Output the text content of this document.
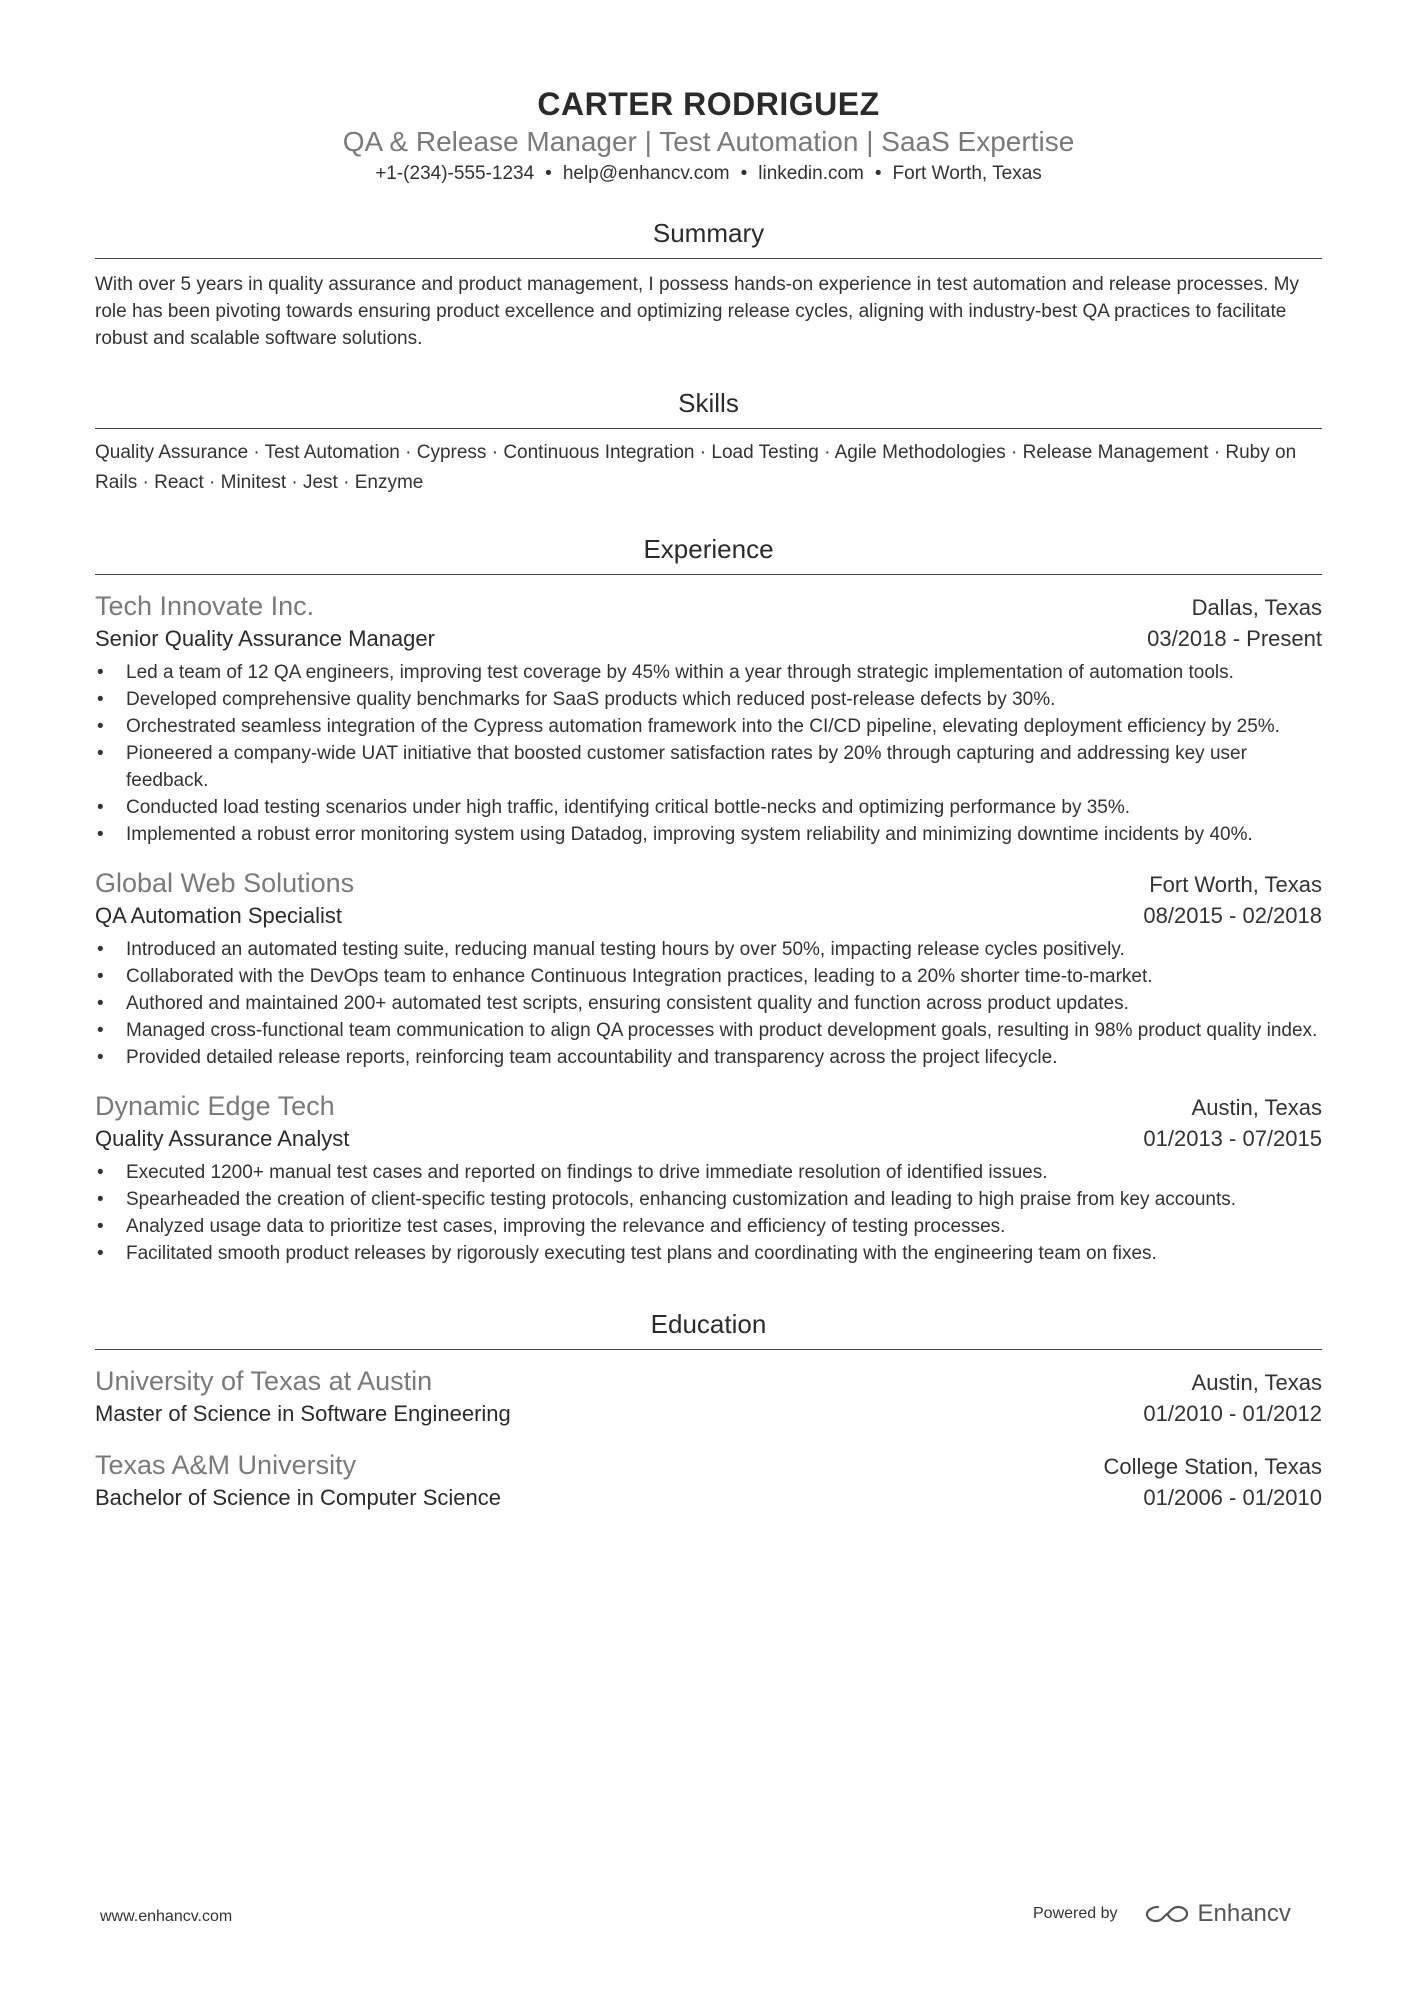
CARTER RODRIGUEZ
QA & Release Manager | Test Automation | SaaS Expertise
+1-(234)-555-1234 • help@enhancv.com • linkedin.com • Fort Worth, Texas
Summary
With over 5 years in quality assurance and product management, I possess hands-on experience in test automation and release processes. My role has been pivoting towards ensuring product excellence and optimizing release cycles, aligning with industry-best QA practices to facilitate robust and scalable software solutions.
Skills
Quality Assurance · Test Automation · Cypress · Continuous Integration · Load Testing · Agile Methodologies · Release Management · Ruby on Rails · React · Minitest · Jest · Enzyme
Experience
Tech Innovate Inc.	Dallas, Texas
Senior Quality Assurance Manager	03/2018 - Present
• Led a team of 12 QA engineers, improving test coverage by 45% within a year through strategic implementation of automation tools.
• Developed comprehensive quality benchmarks for SaaS products which reduced post-release defects by 30%.
• Orchestrated seamless integration of the Cypress automation framework into the CI/CD pipeline, elevating deployment efficiency by 25%.
• Pioneered a company-wide UAT initiative that boosted customer satisfaction rates by 20% through capturing and addressing key user feedback.
• Conducted load testing scenarios under high traffic, identifying critical bottle-necks and optimizing performance by 35%.
• Implemented a robust error monitoring system using Datadog, improving system reliability and minimizing downtime incidents by 40%.
Global Web Solutions	Fort Worth, Texas
QA Automation Specialist	08/2015 - 02/2018
• Introduced an automated testing suite, reducing manual testing hours by over 50%, impacting release cycles positively.
• Collaborated with the DevOps team to enhance Continuous Integration practices, leading to a 20% shorter time-to-market.
• Authored and maintained 200+ automated test scripts, ensuring consistent quality and function across product updates.
• Managed cross-functional team communication to align QA processes with product development goals, resulting in 98% product quality index.
• Provided detailed release reports, reinforcing team accountability and transparency across the project lifecycle.
Dynamic Edge Tech	Austin, Texas
Quality Assurance Analyst	01/2013 - 07/2015
• Executed 1200+ manual test cases and reported on findings to drive immediate resolution of identified issues.
• Spearheaded the creation of client-specific testing protocols, enhancing customization and leading to high praise from key accounts.
• Analyzed usage data to prioritize test cases, improving the relevance and efficiency of testing processes.
• Facilitated smooth product releases by rigorously executing test plans and coordinating with the engineering team on fixes.
Education
University of Texas at Austin	Austin, Texas
Master of Science in Software Engineering	01/2010 - 01/2012
Texas A&M University	College Station, Texas
Bachelor of Science in Computer Science	01/2006 - 01/2010
www.enhancv.com	Powered by	Enhancv
